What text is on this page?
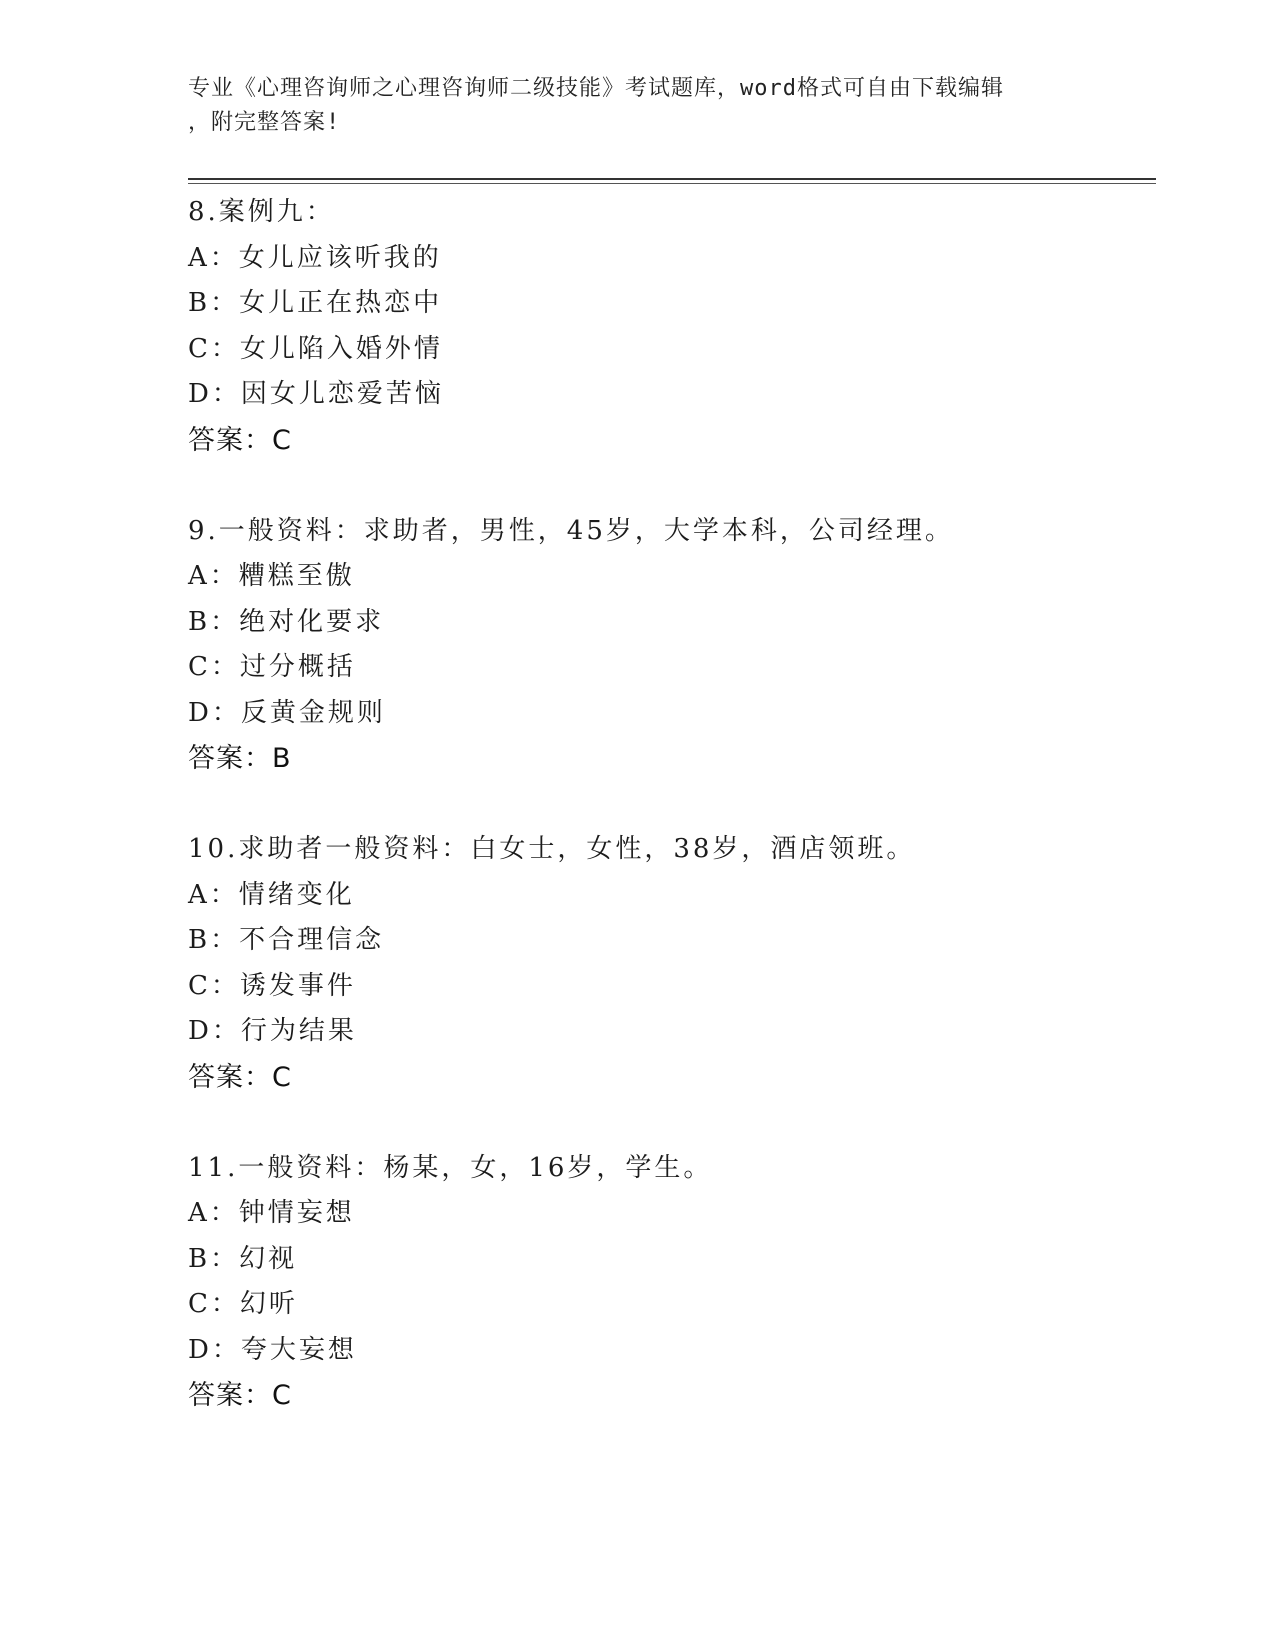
专业《心理咨询师之心理咨询师二级技能》考试题库，word格式可自由下载编辑
，附完整答案!
8.案例九：
A：女儿应该听我的
B：女儿正在热恋中
C：女儿陷入婚外情
D：因女儿恋爱苦恼
答案：C
9.一般资料：求助者，男性，45岁，大学本科，公司经理。
A：糟糕至傲
B：绝对化要求
C：过分概括
D：反黄金规则
答案：B
10.求助者一般资料：白女士，女性，38岁，酒店领班。
A：情绪变化
B：不合理信念
C：诱发事件
D：行为结果
答案：C
11.一般资料：杨某，女，16岁，学生。
A：钟情妄想
B：幻视
C：幻听
D：夸大妄想
答案：C
